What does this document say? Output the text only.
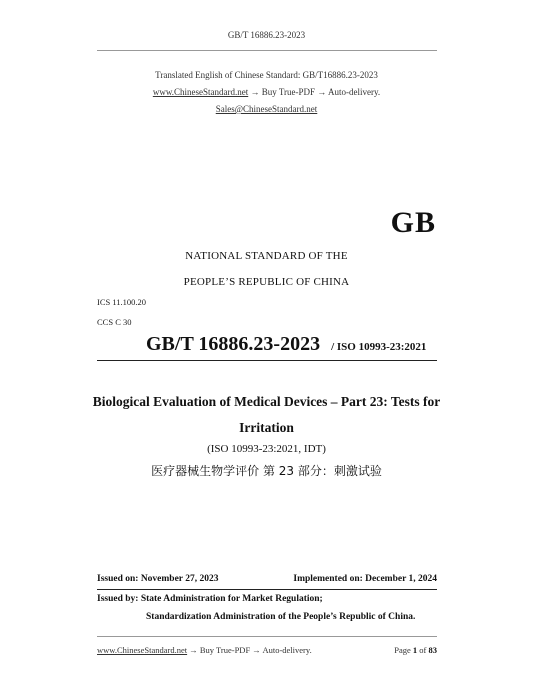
GB/T 16886.23-2023
Translated English of Chinese Standard: GB/T16886.23-2023
www.ChineseStandard.net → Buy True-PDF → Auto-delivery.
Sales@ChineseStandard.net
GB
NATIONAL STANDARD OF THE
PEOPLE’S REPUBLIC OF CHINA
ICS 11.100.20
CCS C 30
GB/T 16886.23-2023 / ISO 10993-23:2021
Biological Evaluation of Medical Devices – Part 23: Tests for
Irritation
(ISO 10993-23:2021, IDT)
医疗器械生物学评价 第 23 部分：刺激试验
Issued on: November 27, 2023	Implemented on: December 1, 2024
Issued by: State Administration for Market Regulation;
Standardization Administration of the People’s Republic of China.
www.ChineseStandard.net → Buy True-PDF → Auto-delivery.	Page 1 of 83
